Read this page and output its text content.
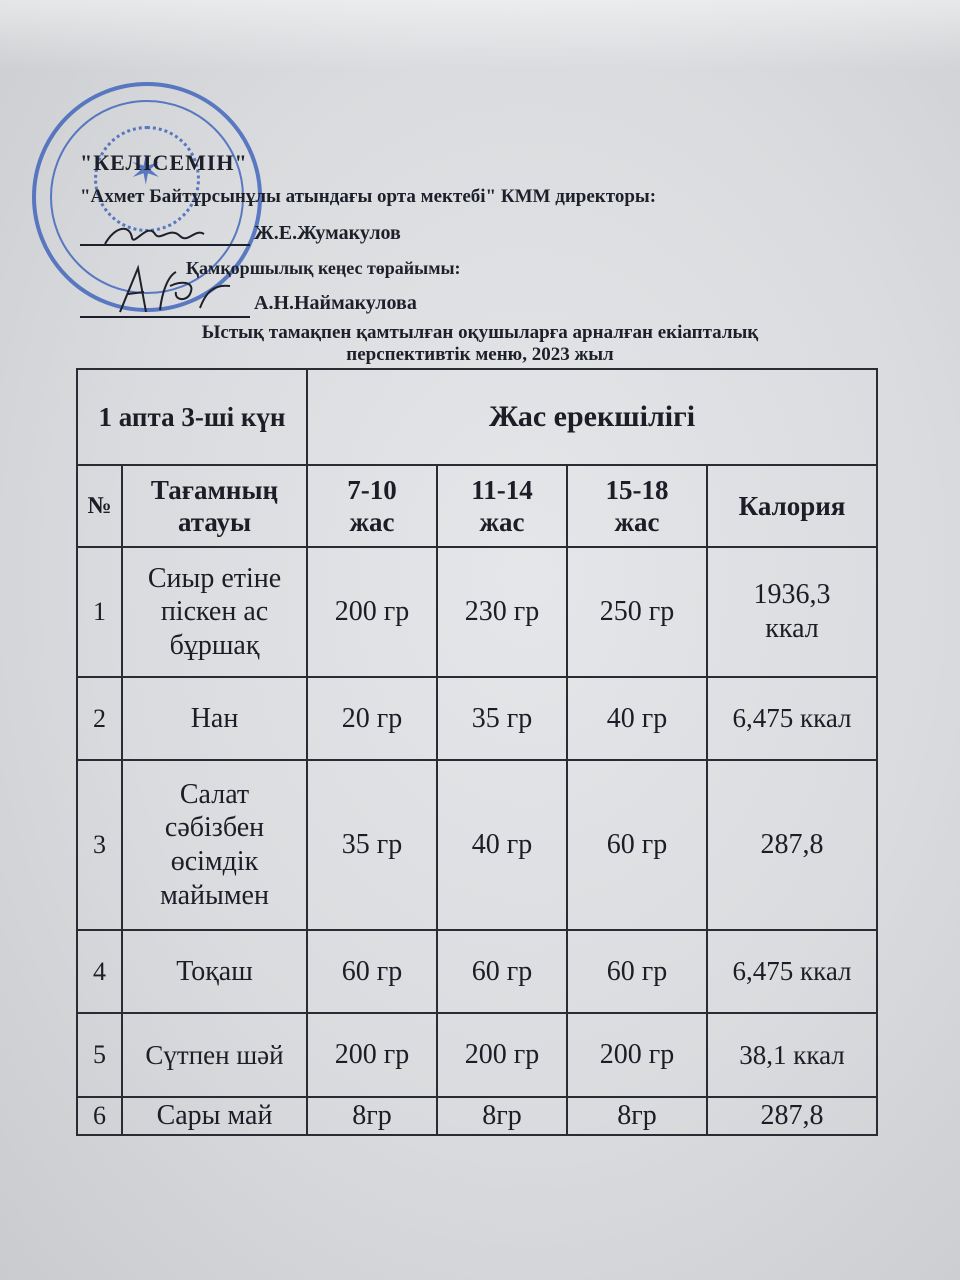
✶
"КЕЛІСЕМІН"
"Ахмет Байтұрсынұлы атындағы орта мектебі" КММ директоры:
Ж.Е.Жумакулов
Қамқоршылық кеңес төрайымы:
А.Н.Наймакулова
Ыстық тамақпен қамтылған оқушыларға арналған екіапталық
перспективтік меню, 2023 жыл
1 апта 3-ші күн		Жас ерекшілігі			
№	Тағамның атауы	7-10 жас	11-14 жас	15-18 жас	Калория
1	Сиыр етіне піскен ас бұршақ	200 гр	230 гр	250 гр	1936,3 ккал
2	Нан	20 гр	35 гр	40 гр	6,475 ккал
3	Салат сәбізбен өсімдік майымен	35 гр	40 гр	60 гр	287,8
4	Тоқаш	60 гр	60 гр	60 гр	6,475 ккал
5	Сүтпен шәй	200 гр	200 гр	200 гр	38,1 ккал
6	Сары май	8гр	8гр	8гр	287,8
